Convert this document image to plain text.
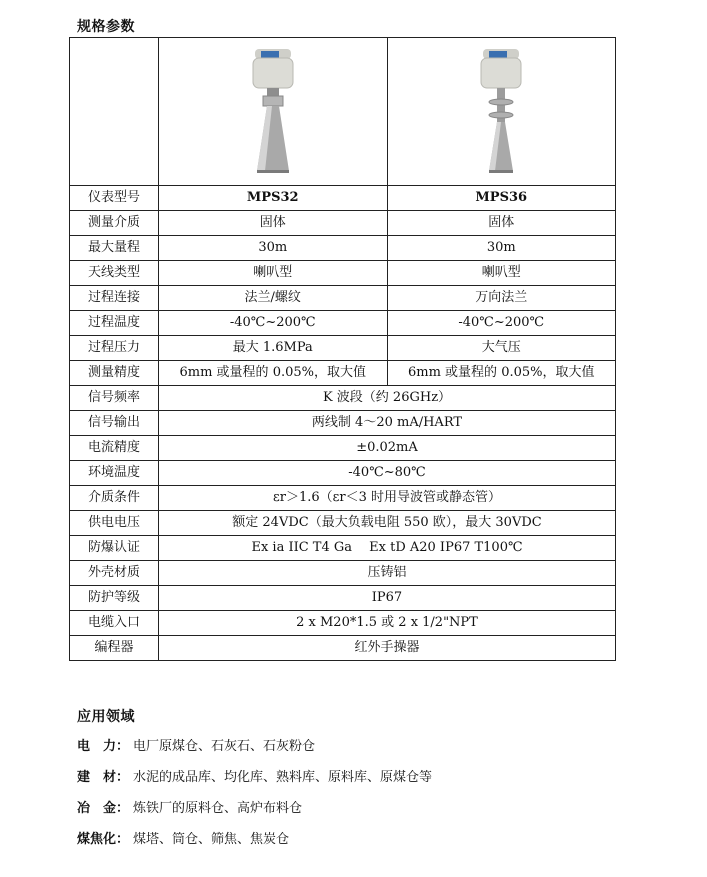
规格参数

仪表型号	MPS32	MPS36
测量介质	固体	固体
最大量程	30m	30m
天线类型	喇叭型	喇叭型
过程连接	法兰/螺纹	万向法兰
过程温度	-40℃~200℃	-40℃~200℃
过程压力	最大 1.6MPa	大气压
测量精度	6mm 或量程的 0.05%，取大值	6mm 或量程的 0.05%，取大值
信号频率	K 波段（约 26GHz）	
信号输出	两线制 4～20 mA/HART	
电流精度	±0.02mA	
环境温度	-40℃~80℃	
介质条件	εr＞1.6（εr＜3 时用导波管或静态管）	
供电电压	额定 24VDC（最大负载电阻 550 欧），最大 30VDC	
防爆认证	Ex ia IIC T4 Ga　 Ex tD A20 IP67 T100℃	
外壳材质	压铸铝	
防护等级	IP67	
电缆入口	2 x M20*1.5 或 2 x 1/2"NPT	
编程器	红外手操器	
应用领域
电　力： 电厂原煤仓、石灰石、石灰粉仓
建　材： 水泥的成品库、均化库、熟料库、原料库、原煤仓等
冶　金： 炼铁厂的原料仓、高炉布料仓
煤焦化： 煤塔、筒仓、筛焦、焦炭仓
